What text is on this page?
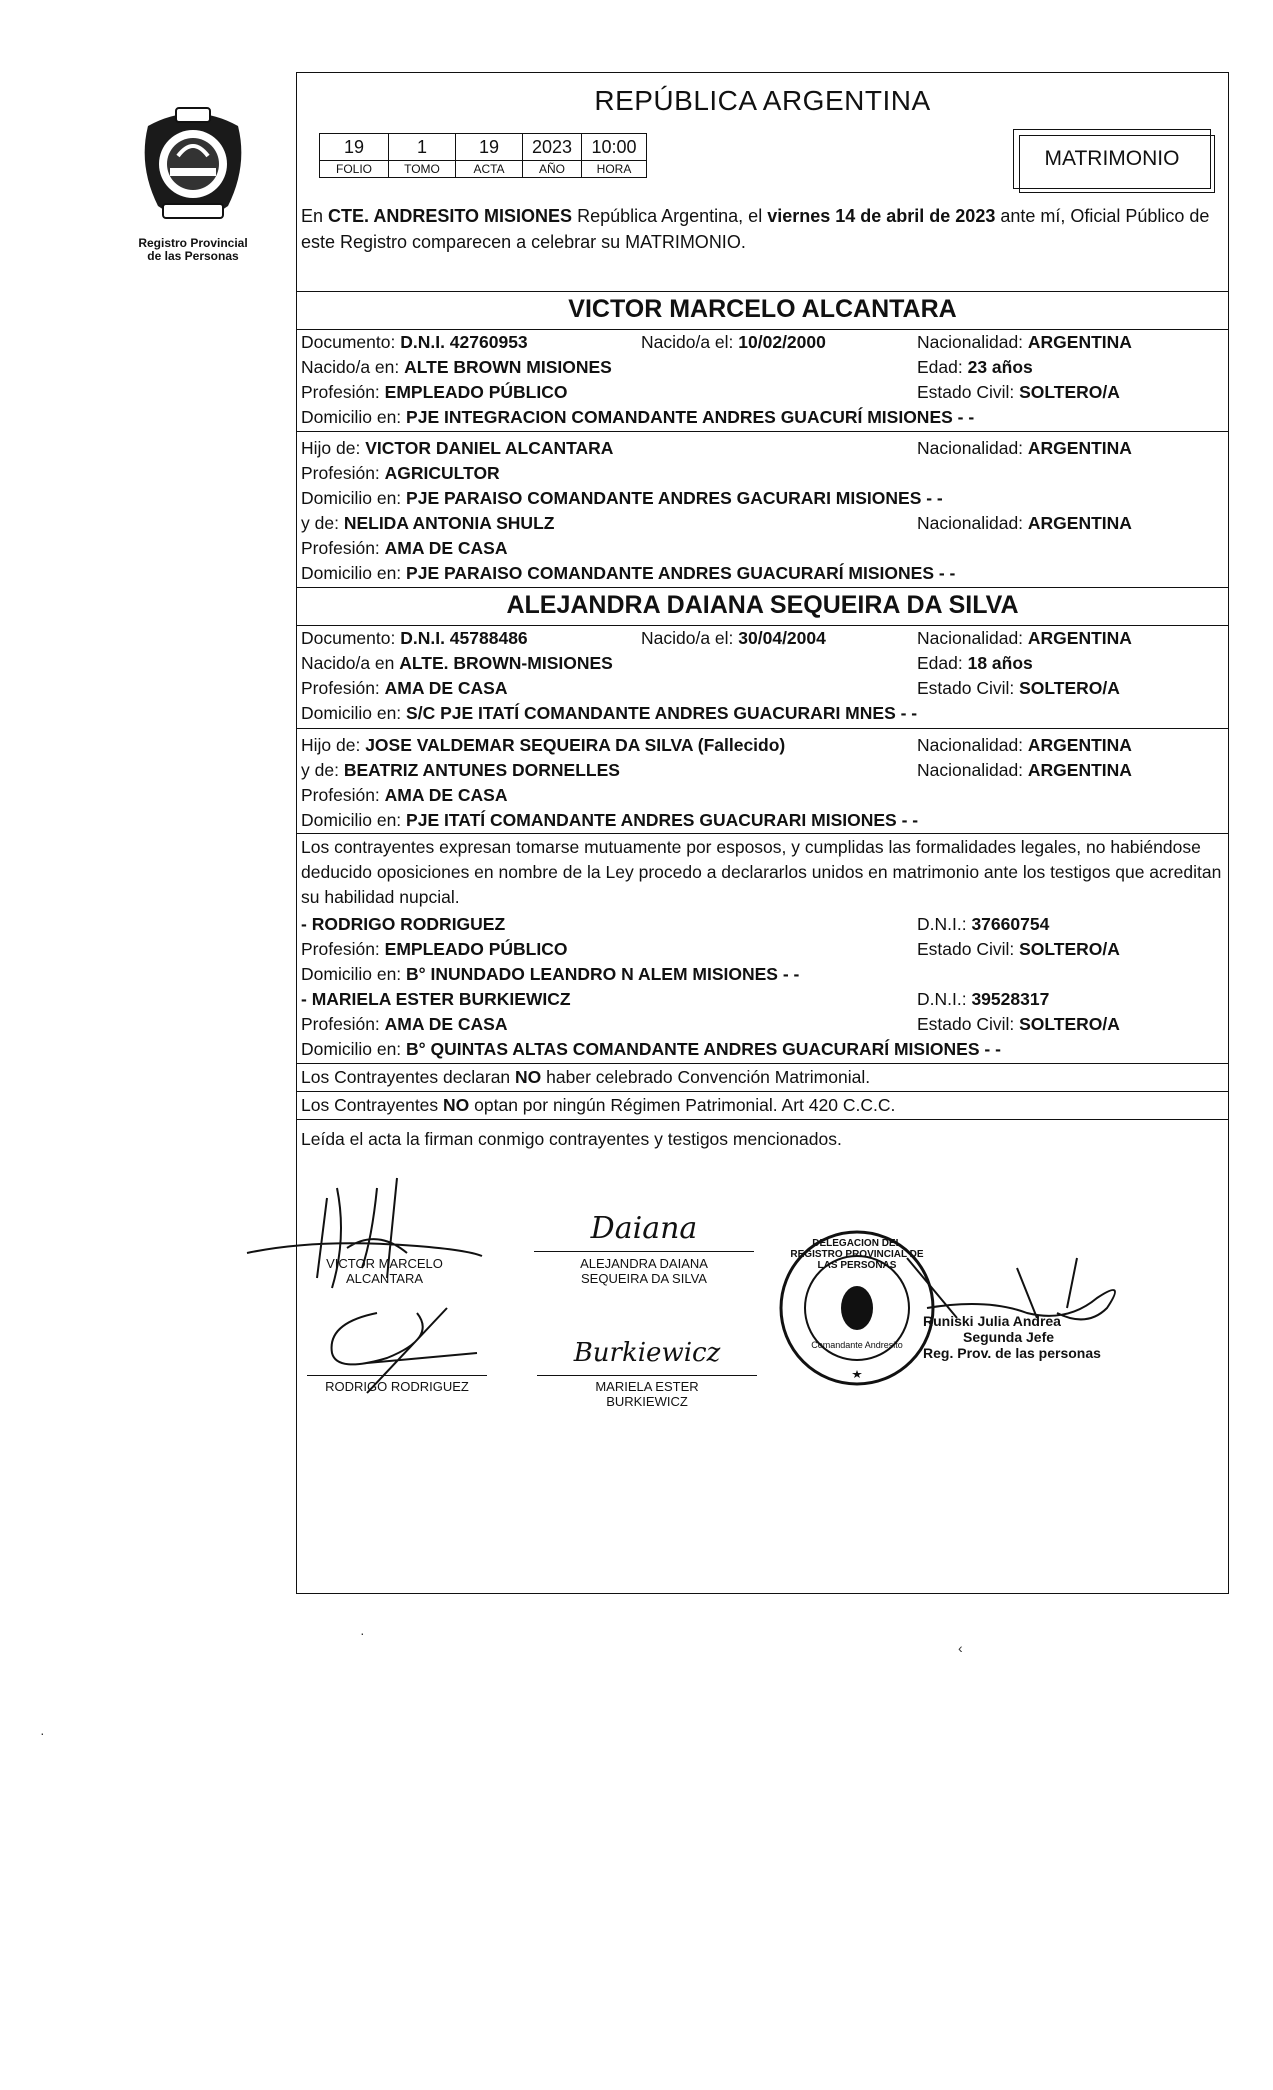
Registro Provincial
de las Personas
REPÚBLICA ARGENTINA
19	1	19	2023	10:00
FOLIO	TOMO	ACTA	AÑO	HORA	MATRIMONIO
En CTE. ANDRESITO MISIONES República Argentina, el viernes 14 de abril de 2023 ante mí, Oficial Público de este Registro comparecen a celebrar su MATRIMONIO.
VICTOR MARCELO ALCANTARA
Documento: D.N.I. 42760953	Nacido/a el: 10/02/2000	Nacionalidad: ARGENTINA
Nacido/a en: ALTE BROWN MISIONES	Edad: 23 años
Profesión: EMPLEADO PÚBLICO	Estado Civil: SOLTERO/A
Domicilio en: PJE INTEGRACION COMANDANTE ANDRES GUACURÍ MISIONES - -
Hijo de: VICTOR DANIEL ALCANTARA	Nacionalidad: ARGENTINA
Profesión: AGRICULTOR
Domicilio en: PJE PARAISO COMANDANTE ANDRES GACURARI MISIONES - -
y de: NELIDA ANTONIA SHULZ	Nacionalidad: ARGENTINA
Profesión: AMA DE CASA
Domicilio en: PJE PARAISO COMANDANTE ANDRES GUACURARÍ MISIONES - -
ALEJANDRA DAIANA SEQUEIRA DA SILVA
Documento: D.N.I. 45788486	Nacido/a el: 30/04/2004	Nacionalidad: ARGENTINA
Nacido/a en ALTE. BROWN-MISIONES	Edad: 18 años
Profesión: AMA DE CASA	Estado Civil: SOLTERO/A
Domicilio en: S/C PJE ITATÍ COMANDANTE ANDRES GUACURARI MNES - -
Hijo de: JOSE VALDEMAR SEQUEIRA DA SILVA (Fallecido)	Nacionalidad: ARGENTINA
y de: BEATRIZ ANTUNES DORNELLES	Nacionalidad: ARGENTINA
Profesión: AMA DE CASA
Domicilio en: PJE ITATÍ COMANDANTE ANDRES GUACURARI MISIONES - -
Los contrayentes expresan tomarse mutuamente por esposos, y cumplidas las formalidades legales, no habiéndose deducido oposiciones en nombre de la Ley procedo a declararlos unidos en matrimonio ante los testigos que acreditan su habilidad nupcial.
- RODRIGO RODRIGUEZ	D.N.I.: 37660754
Profesión: EMPLEADO PÚBLICO	Estado Civil: SOLTERO/A
Domicilio en: B° INUNDADO LEANDRO N ALEM MISIONES - -
- MARIELA ESTER BURKIEWICZ	D.N.I.: 39528317
Profesión: AMA DE CASA	Estado Civil: SOLTERO/A
Domicilio en: B° QUINTAS ALTAS COMANDANTE ANDRES GUACURARÍ MISIONES - -
Los Contrayentes declaran NO haber celebrado Convención Matrimonial.
Los Contrayentes NO optan por ningún Régimen Patrimonial. Art 420 C.C.C.
Leída el acta la firman conmigo contrayentes y testigos mencionados.
VICTOR MARCELO
ALCANTARA
Daiana
ALEJANDRA DAIANA
SEQUEIRA DA SILVA
RODRIGO RODRIGUEZ
Burkiewicz
MARIELA ESTER
BURKIEWICZ
DELEGACION DEL REGISTRO PROVINCIAL DE LAS PERSONAS
Comandante Andresito
Runiski Julia Andrea
Segunda Jefe
Reg. Prov. de las personas
·
‹
·
